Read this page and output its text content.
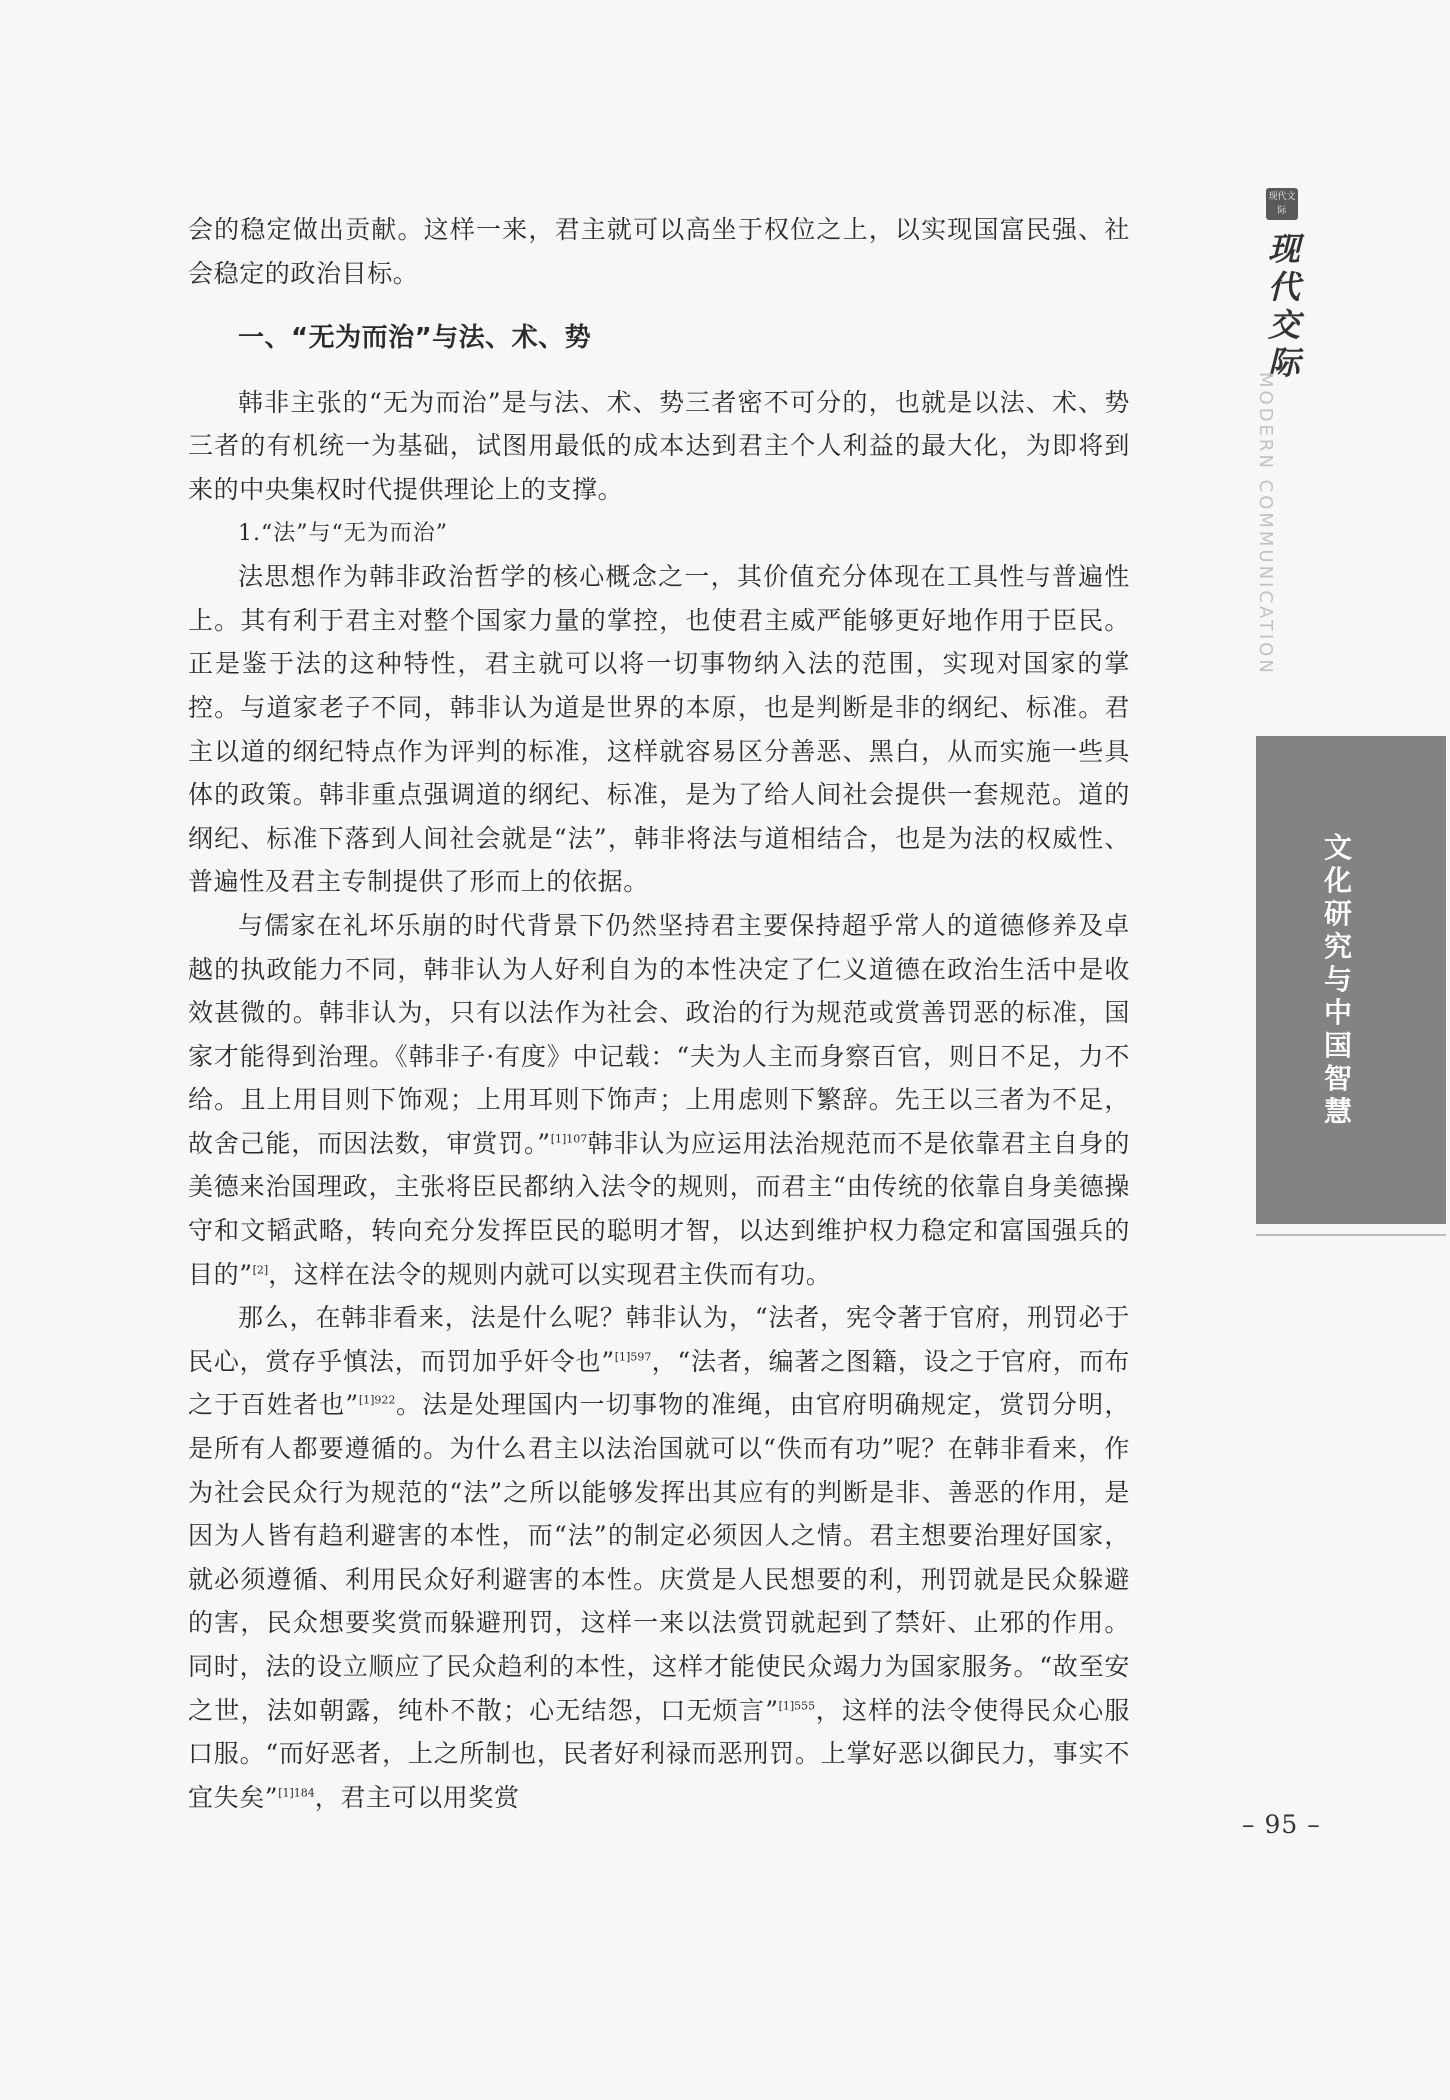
会的稳定做出贡献。这样一来，君主就可以高坐于权位之上，以实现国富民强、社会稳定的政治目标。

一、“无为而治”与法、术、势

韩非主张的“无为而治”是与法、术、势三者密不可分的，也就是以法、术、势三者的有机统一为基础，试图用最低的成本达到君主个人利益的最大化，为即将到来的中央集权时代提供理论上的支撑。

1.“法”与“无为而治”

法思想作为韩非政治哲学的核心概念之一，其价值充分体现在工具性与普遍性上。其有利于君主对整个国家力量的掌控，也使君主威严能够更好地作用于臣民。正是鉴于法的这种特性，君主就可以将一切事物纳入法的范围，实现对国家的掌控。与道家老子不同，韩非认为道是世界的本原，也是判断是非的纲纪、标准。君主以道的纲纪特点作为评判的标准，这样就容易区分善恶、黑白，从而实施一些具体的政策。韩非重点强调道的纲纪、标准，是为了给人间社会提供一套规范。道的纲纪、标准下落到人间社会就是“法”，韩非将法与道相结合，也是为法的权威性、普遍性及君主专制提供了形而上的依据。

与儒家在礼坏乐崩的时代背景下仍然坚持君主要保持超乎常人的道德修养及卓越的执政能力不同，韩非认为人好利自为的本性决定了仁义道德在政治生活中是收效甚微的。韩非认为，只有以法作为社会、政治的行为规范或赏善罚恶的标准，国家才能得到治理。《韩非子·有度》中记载：“夫为人主而身察百官，则日不足，力不给。且上用目则下饰观；上用耳则下饰声；上用虑则下繁辞。先王以三者为不足，故舍己能，而因法数，审赏罚。”$^{[1]107}$韩非认为应运用法治规范而不是依靠君主自身的美德来治国理政，主张将臣民都纳入法令的规则，而君主“由传统的依靠自身美德操守和文韬武略，转向充分发挥臣民的聪明才智，以达到维护权力稳定和富国强兵的目的”[2]，这样在法令的规则内就可以实现君主佚而有功。

那么，在韩非看来，法是什么呢？韩非认为，“法者，宪令著于官府，刑罚必于民心，赏存乎慎法，而罚加乎奸令也”$^{[1]597}$，“法者，编著之图籍，设之于官府，而布之于百姓者也”$^{[1]922}$。法是处理国内一切事物的准绳，由官府明确规定，赏罚分明，是所有人都要遵循的。为什么君主以法治国就可以“佚而有功”呢？在韩非看来，作为社会民众行为规范的“法”之所以能够发挥出其应有的判断是非、善恶的作用，是因为人皆有趋利避害的本性，而“法”的制定必须因人之情。君主想要治理好国家，就必须遵循、利用民众好利避害的本性。庆赏是人民想要的利，刑罚就是民众躲避的害，民众想要奖赏而躲避刑罚，这样一来以法赏罚就起到了禁奸、止邪的作用。同时，法的设立顺应了民众趋利的本性，这样才能使民众竭力为国家服务。“故至安之世，法如朝露，纯朴不散；心无结怨，口无烦言”$^{[1]555}$，这样的法令使得民众心服口服。“而好恶者，上之所制也，民者好利禄而恶刑罚。上掌好恶以御民力，事实不宜失矣”$^{[1]184}$，君主可以用奖赏

现代文际
现代交际
MODERN COMMUNICATION
文化研究与中国智慧
– 95 –
